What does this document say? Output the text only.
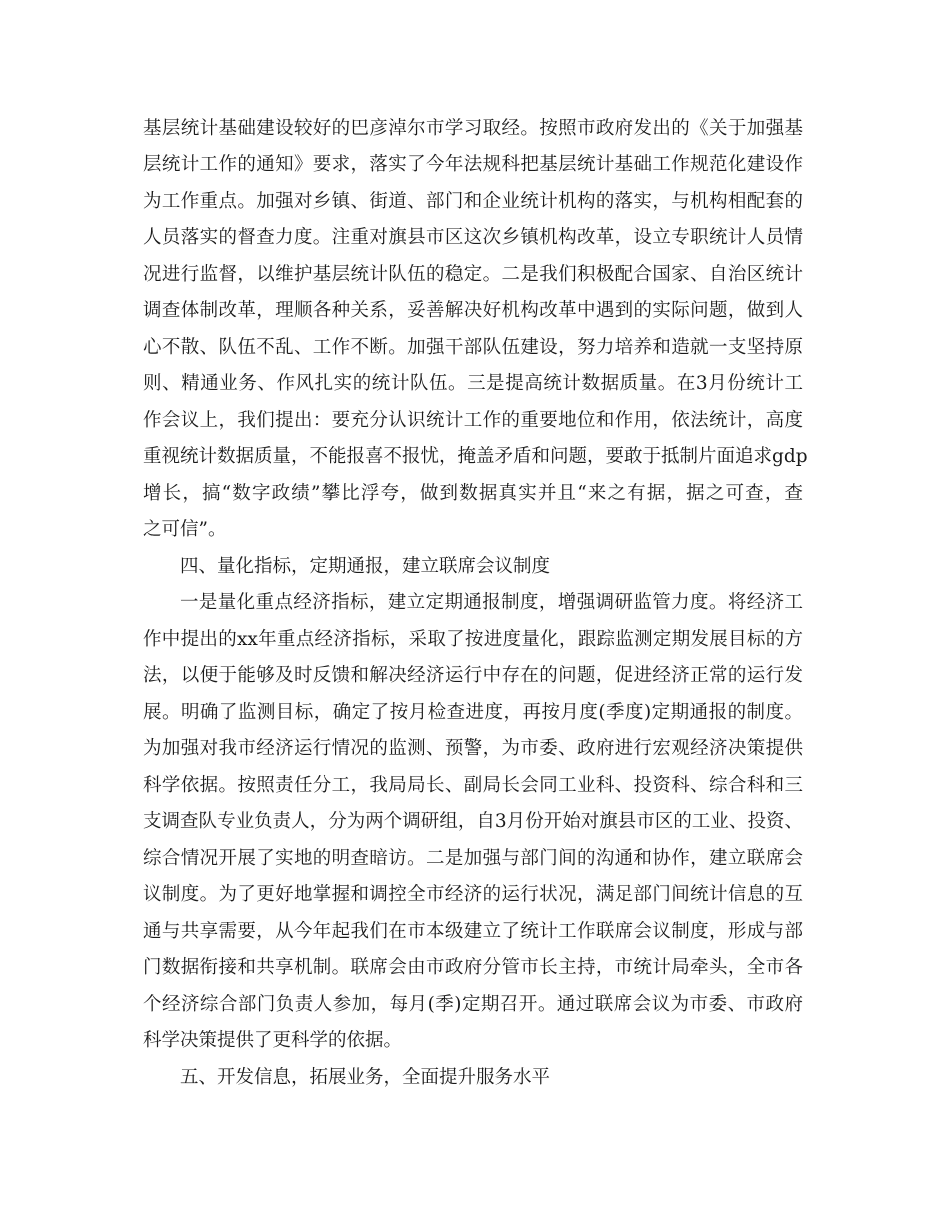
基层统计基础建设较好的巴彦淖尔市学习取经。按照市政府发出的《关于加强基
层统计工作的通知》要求，落实了今年法规科把基层统计基础工作规范化建设作
为工作重点。加强对乡镇、街道、部门和企业统计机构的落实，与机构相配套的
人员落实的督查力度。注重对旗县市区这次乡镇机构改革，设立专职统计人员情
况进行监督，以维护基层统计队伍的稳定。二是我们积极配合国家、自治区统计
调查体制改革，理顺各种关系，妥善解决好机构改革中遇到的实际问题，做到人
心不散、队伍不乱、工作不断。加强干部队伍建设，努力培养和造就一支坚持原
则、精通业务、作风扎实的统计队伍。三是提高统计数据质量。在3月份统计工
作会议上，我们提出：要充分认识统计工作的重要地位和作用，依法统计，高度
重视统计数据质量，不能报喜不报忧，掩盖矛盾和问题，要敢于抵制片面追求gdp
增长，搞“数字政绩”攀比浮夸，做到数据真实并且“来之有据，据之可查，查
之可信”。
四、量化指标，定期通报，建立联席会议制度
一是量化重点经济指标，建立定期通报制度，增强调研监管力度。将经济工
作中提出的xx年重点经济指标，采取了按进度量化，跟踪监测定期发展目标的方
法，以便于能够及时反馈和解决经济运行中存在的问题，促进经济正常的运行发
展。明确了监测目标，确定了按月检查进度，再按月度(季度)定期通报的制度。
为加强对我市经济运行情况的监测、预警，为市委、政府进行宏观经济决策提供
科学依据。按照责任分工，我局局长、副局长会同工业科、投资科、综合科和三
支调查队专业负责人，分为两个调研组，自3月份开始对旗县市区的工业、投资、
综合情况开展了实地的明查暗访。二是加强与部门间的沟通和协作，建立联席会
议制度。为了更好地掌握和调控全市经济的运行状况，满足部门间统计信息的互
通与共享需要，从今年起我们在市本级建立了统计工作联席会议制度，形成与部
门数据衔接和共享机制。联席会由市政府分管市长主持，市统计局牵头，全市各
个经济综合部门负责人参加，每月(季)定期召开。通过联席会议为市委、市政府
科学决策提供了更科学的依据。
五、开发信息，拓展业务，全面提升服务水平
